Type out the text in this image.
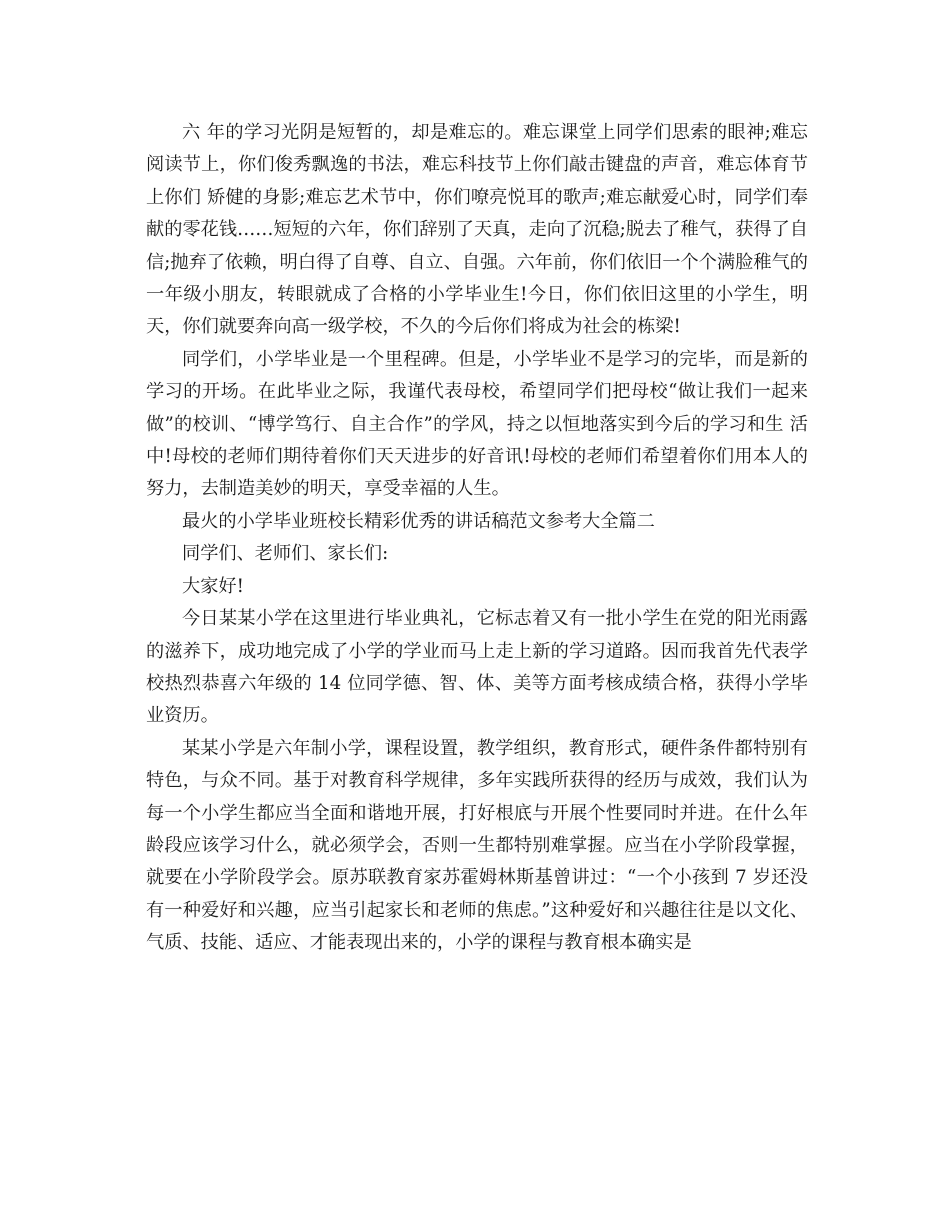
六 年的学习光阴是短暂的，却是难忘的。难忘课堂上同学们思索的眼神;难忘阅读节上，你们俊秀飘逸的书法，难忘科技节上你们敲击键盘的声音，难忘体育节上你们 矫健的身影;难忘艺术节中，你们嘹亮悦耳的歌声;难忘献爱心时，同学们奉献的零花钱……短短的六年，你们辞别了天真，走向了沉稳;脱去了稚气，获得了自 信;抛弃了依赖，明白得了自尊、自立、自强。六年前，你们依旧一个个满脸稚气的一年级小朋友，转眼就成了合格的小学毕业生!今日，你们依旧这里的小学生，明 天，你们就要奔向高一级学校，不久的今后你们将成为社会的栋梁!

同学们，小学毕业是一个里程碑。但是，小学毕业不是学习的完毕，而是新的 学习的开场。在此毕业之际，我谨代表母校，希望同学们把母校“做让我们一起来做”的校训、“博学笃行、自主合作”的学风，持之以恒地落实到今后的学习和生 活中!母校的老师们期待着你们天天进步的好音讯!母校的老师们希望着你们用本人的努力，去制造美妙的明天，享受幸福的人生。

最火的小学毕业班校长精彩优秀的讲话稿范文参考大全篇二

同学们、老师们、家长们:

大家好!

今日某某小学在这里进行毕业典礼，它标志着又有一批小学生在党的阳光雨露的滋养下，成功地完成了小学的学业而马上走上新的学习道路。因而我首先代表学校热烈恭喜六年级的 14 位同学德、智、体、美等方面考核成绩合格，获得小学毕业资历。

某某小学是六年制小学，课程设置，教学组织，教育形式，硬件条件都特别有特色，与众不同。基于对教育科学规律，多年实践所获得的经历与成效，我们认为每一个小学生都应当全面和谐地开展，打好根底与开展个性要同时并进。在什么年龄段应该学习什么，就必须学会，否则一生都特别难掌握。应当在小学阶段掌握，就要在小学阶段学会。原苏联教育家苏霍姆林斯基曾讲过：“一个小孩到 7 岁还没有一种爱好和兴趣，应当引起家长和老师的焦虑。”这种爱好和兴趣往往是以文化、气质、技能、适应、才能表现出来的，小学的课程与教育根本确实是
